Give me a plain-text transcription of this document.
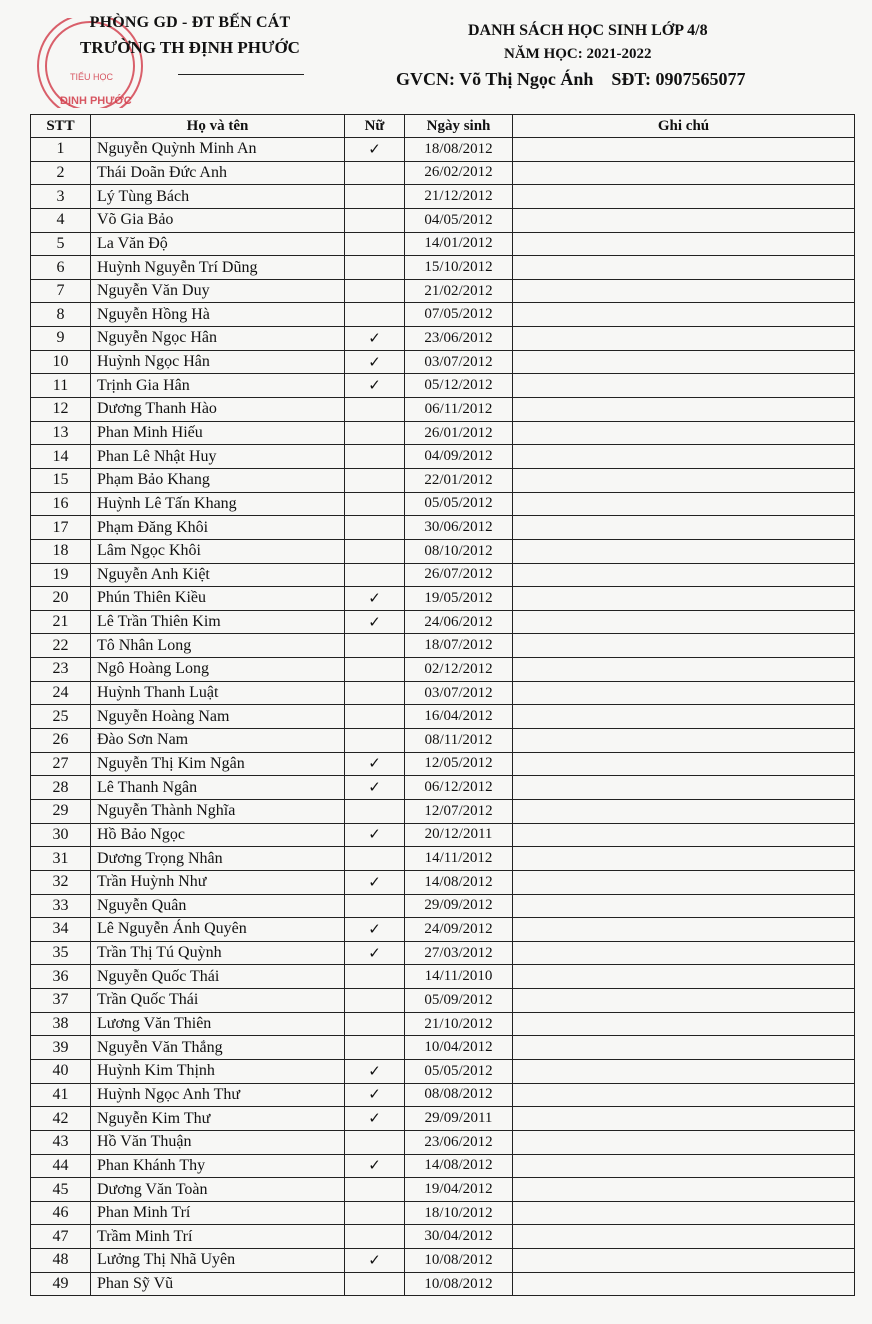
TIỂU HỌC
ĐỊNH PHƯỚC
PHÒNG GD - ĐT BẾN CÁT
TRƯỜNG TH ĐỊNH PHƯỚC
DANH SÁCH HỌC SINH LỚP 4/8
NĂM HỌC: 2021-2022
GVCN: Võ Thị Ngọc Ánh SĐT: 0907565077
STT	Họ và tên	Nữ	Ngày sinh	Ghi chú
1	Nguyễn Quỳnh Minh An	✓	18/08/2012	
2	Thái Doãn Đức Anh		26/02/2012	
3	Lý Tùng Bách		21/12/2012	
4	Võ Gia Bảo		04/05/2012	
5	La Văn Độ		14/01/2012	
6	Huỳnh Nguyễn Trí Dũng		15/10/2012	
7	Nguyễn Văn Duy		21/02/2012	
8	Nguyễn Hồng Hà		07/05/2012	
9	Nguyễn Ngọc Hân	✓	23/06/2012	
10	Huỳnh Ngọc Hân	✓	03/07/2012	
11	Trịnh Gia Hân	✓	05/12/2012	
12	Dương Thanh Hào		06/11/2012	
13	Phan Minh Hiếu		26/01/2012	
14	Phan Lê Nhật Huy		04/09/2012	
15	Phạm Bảo Khang		22/01/2012	
16	Huỳnh Lê Tấn Khang		05/05/2012	
17	Phạm Đăng Khôi		30/06/2012	
18	Lâm Ngọc Khôi		08/10/2012	
19	Nguyễn Anh Kiệt		26/07/2012	
20	Phún Thiên Kiều	✓	19/05/2012	
21	Lê Trần Thiên Kim	✓	24/06/2012	
22	Tô Nhân Long		18/07/2012	
23	Ngô Hoàng Long		02/12/2012	
24	Huỳnh Thanh Luật		03/07/2012	
25	Nguyễn Hoàng Nam		16/04/2012	
26	Đào Sơn Nam		08/11/2012	
27	Nguyễn Thị Kim Ngân	✓	12/05/2012	
28	Lê Thanh Ngân	✓	06/12/2012	
29	Nguyễn Thành Nghĩa		12/07/2012	
30	Hồ Bảo Ngọc	✓	20/12/2011	
31	Dương Trọng Nhân		14/11/2012	
32	Trần Huỳnh Như	✓	14/08/2012	
33	Nguyễn Quân		29/09/2012	
34	Lê Nguyễn Ánh Quyên	✓	24/09/2012	
35	Trần Thị Tú Quỳnh	✓	27/03/2012	
36	Nguyễn Quốc Thái		14/11/2010	
37	Trần Quốc Thái		05/09/2012	
38	Lương Văn Thiên		21/10/2012	
39	Nguyễn Văn Thắng		10/04/2012	
40	Huỳnh Kim Thịnh	✓	05/05/2012	
41	Huỳnh Ngọc Anh Thư	✓	08/08/2012	
42	Nguyễn Kim Thư	✓	29/09/2011	
43	Hồ Văn Thuận		23/06/2012	
44	Phan Khánh Thy	✓	14/08/2012	
45	Dương Văn Toàn		19/04/2012	
46	Phan Minh Trí		18/10/2012	
47	Trầm Minh Trí		30/04/2012	
48	Lưởng Thị Nhã Uyên	✓	10/08/2012	
49	Phan Sỹ Vũ		10/08/2012	
